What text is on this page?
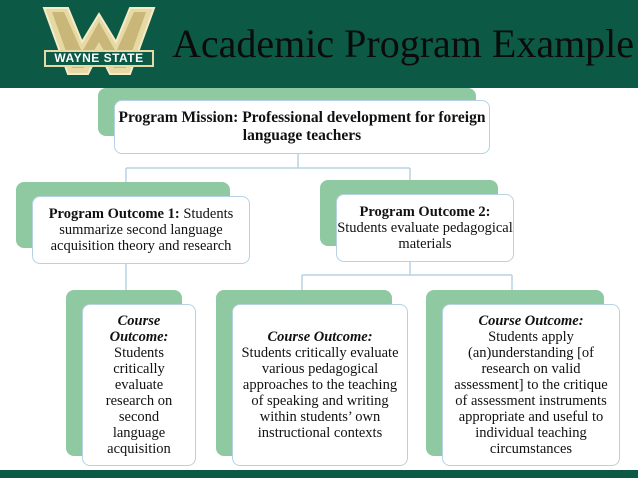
WAYNE STATE Academic Program Example
Program Mission: Professional development for foreign language teachers
Program Outcome 1: Students summarize second language acquisition theory and research
Program Outcome 2:
Students evaluate pedagogical materials
Course Outcome:
Students critically evaluate research on second language acquisition
Course Outcome:
Students critically evaluate various pedagogical approaches to the teaching of speaking and writing within students’ own instructional contexts
Course Outcome:
Students apply (an)understanding [of research on valid assessment] to the critique of assessment instruments appropriate and useful to individual teaching circumstances
